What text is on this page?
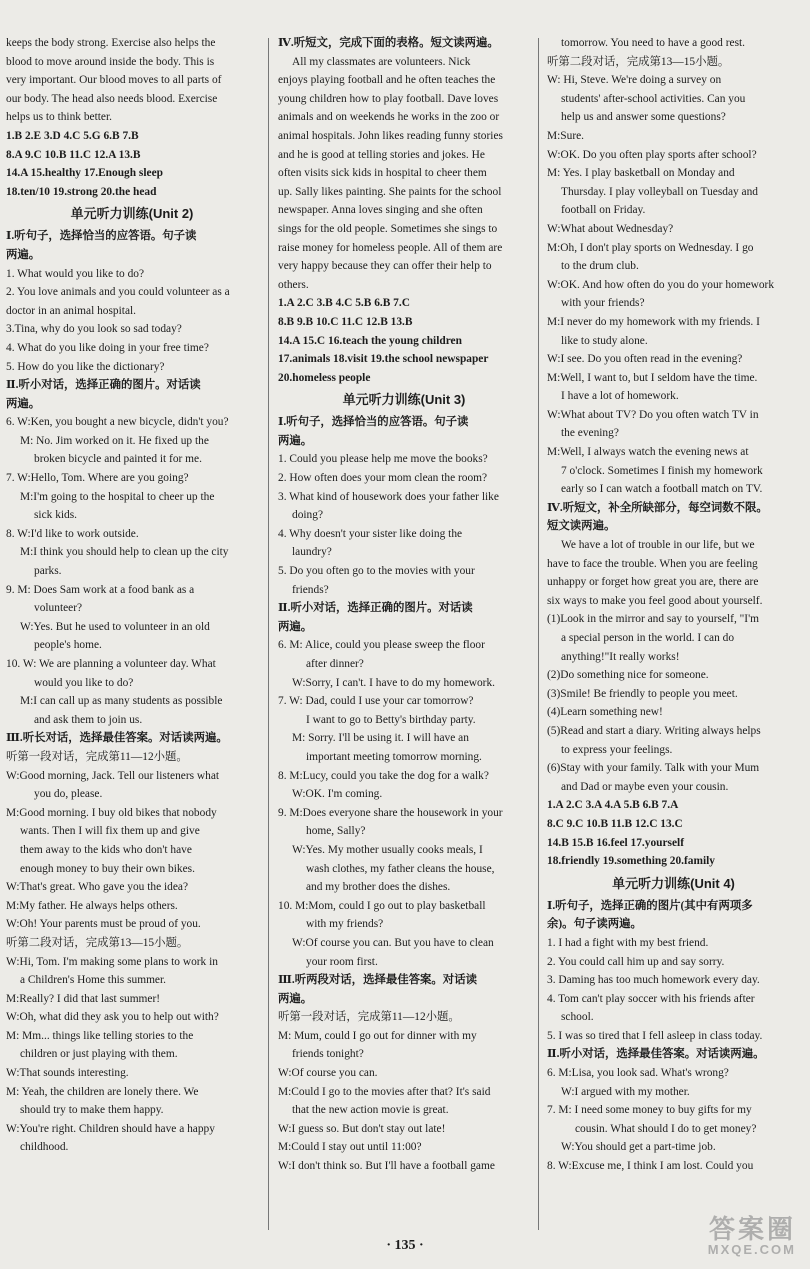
keeps the body strong. Exercise also helps the
blood to move around inside the body. This is
very important. Our blood moves to all parts of
our body. The head also needs blood. Exercise
helps us to think better.
1.B 2.E 3.D 4.C 5.G 6.B 7.B
8.A 9.C 10.B 11.C 12.A 13.B
14.A 15.healthy 17.Enough sleep
18.ten/10 19.strong 20.the head
单元听力训练(Unit 2)
Ⅰ.听句子，选择恰当的应答语。句子读
两遍。
1. What would you like to do?
2. You love animals and you could volunteer as a
doctor in an animal hospital.
3.Tina, why do you look so sad today?
4. What do you like doing in your free time?
5. How do you like the dictionary?
Ⅱ.听小对话，选择正确的图片。对话读
两遍。
6. W:Ken, you bought a new bicycle, didn't you?
M: No. Jim worked on it. He fixed up the
broken bicycle and painted it for me.
7. W:Hello, Tom. Where are you going?
M:I'm going to the hospital to cheer up the
sick kids.
8. W:I'd like to work outside.
M:I think you should help to clean up the city
parks.
9. M: Does Sam work at a food bank as a
volunteer?
W:Yes. But he used to volunteer in an old
people's home.
10. W: We are planning a volunteer day. What
would you like to do?
M:I can call up as many students as possible
and ask them to join us.
Ⅲ.听长对话，选择最佳答案。对话读两遍。
听第一段对话，完成第11—12小题。
W:Good morning, Jack. Tell our listeners what
you do, please.
M:Good morning. I buy old bikes that nobody
wants. Then I will fix them up and give
them away to the kids who don't have
enough money to buy their own bikes.
W:That's great. Who gave you the idea?
M:My father. He always helps others.
W:Oh! Your parents must be proud of you.
听第二段对话，完成第13—15小题。
W:Hi, Tom. I'm making some plans to work in
a Children's Home this summer.
M:Really? I did that last summer!
W:Oh, what did they ask you to help out with?
M: Mm... things like telling stories to the
children or just playing with them.
W:That sounds interesting.
M: Yeah, the children are lonely there. We
should try to make them happy.
W:You're right. Children should have a happy
childhood.
Ⅳ.听短文，完成下面的表格。短文读两遍。
All my classmates are volunteers. Nick
enjoys playing football and he often teaches the
young children how to play football. Dave loves
animals and on weekends he works in the zoo or
animal hospitals. John likes reading funny stories
and he is good at telling stories and jokes. He
often visits sick kids in hospital to cheer them
up. Sally likes painting. She paints for the school
newspaper. Anna loves singing and she often
sings for the old people. Sometimes she sings to
raise money for homeless people. All of them are
very happy because they can offer their help to
others.
1.A 2.C 3.B 4.C 5.B 6.B 7.C
8.B 9.B 10.C 11.C 12.B 13.B
14.A 15.C 16.teach the young children
17.animals 18.visit 19.the school newspaper
20.homeless people
单元听力训练(Unit 3)
Ⅰ.听句子，选择恰当的应答语。句子读
两遍。
1. Could you please help me move the books?
2. How often does your mom clean the room?
3. What kind of housework does your father like
doing?
4. Why doesn't your sister like doing the
laundry?
5. Do you often go to the movies with your
friends?
Ⅱ.听小对话，选择正确的图片。对话读
两遍。
6. M: Alice, could you please sweep the floor
after dinner?
W:Sorry, I can't. I have to do my homework.
7. W: Dad, could I use your car tomorrow?
I want to go to Betty's birthday party.
M: Sorry. I'll be using it. I will have an
important meeting tomorrow morning.
8. M:Lucy, could you take the dog for a walk?
W:OK. I'm coming.
9. M:Does everyone share the housework in your
home, Sally?
W:Yes. My mother usually cooks meals, I
wash clothes, my father cleans the house,
and my brother does the dishes.
10. M:Mom, could I go out to play basketball
with my friends?
W:Of course you can. But you have to clean
your room first.
Ⅲ.听两段对话，选择最佳答案。对话读
两遍。
听第一段对话，完成第11—12小题。
M: Mum, could I go out for dinner with my
friends tonight?
W:Of course you can.
M:Could I go to the movies after that? It's said
that the new action movie is great.
W:I guess so. But don't stay out late!
M:Could I stay out until 11:00?
W:I don't think so. But I'll have a football game
tomorrow. You need to have a good rest.
听第二段对话，完成第13—15小题。
W: Hi, Steve. We're doing a survey on
students' after-school activities. Can you
help us and answer some questions?
M:Sure.
W:OK. Do you often play sports after school?
M: Yes. I play basketball on Monday and
Thursday. I play volleyball on Tuesday and
football on Friday.
W:What about Wednesday?
M:Oh, I don't play sports on Wednesday. I go
to the drum club.
W:OK. And how often do you do your homework
with your friends?
M:I never do my homework with my friends. I
like to study alone.
W:I see. Do you often read in the evening?
M:Well, I want to, but I seldom have the time.
I have a lot of homework.
W:What about TV? Do you often watch TV in
the evening?
M:Well, I always watch the evening news at
7 o'clock. Sometimes I finish my homework
early so I can watch a football match on TV.
Ⅳ.听短文，补全所缺部分，每空词数不限。
短文读两遍。
We have a lot of trouble in our life, but we
have to face the trouble. When you are feeling
unhappy or forget how great you are, there are
six ways to make you feel good about yourself.
(1)Look in the mirror and say to yourself, "I'm
a special person in the world. I can do
anything!"It really works!
(2)Do something nice for someone.
(3)Smile! Be friendly to people you meet.
(4)Learn something new!
(5)Read and start a diary. Writing always helps
to express your feelings.
(6)Stay with your family. Talk with your Mum
and Dad or maybe even your cousin.
1.A 2.C 3.A 4.A 5.B 6.B 7.A
8.C 9.C 10.B 11.B 12.C 13.C
14.B 15.B 16.feel 17.yourself
18.friendly 19.something 20.family
单元听力训练(Unit 4)
Ⅰ.听句子，选择正确的图片(其中有两项多
余)。句子读两遍。
1. I had a fight with my best friend.
2. You could call him up and say sorry.
3. Daming has too much homework every day.
4. Tom can't play soccer with his friends after
school.
5. I was so tired that I fell asleep in class today.
Ⅱ.听小对话，选择最佳答案。对话读两遍。
6. M:Lisa, you look sad. What's wrong?
W:I argued with my mother.
7. M: I need some money to buy gifts for my
cousin. What should I do to get money?
W:You should get a part-time job.
8. W:Excuse me, I think I am lost. Could you
· 135 ·
答案圈
MXQE.COM
